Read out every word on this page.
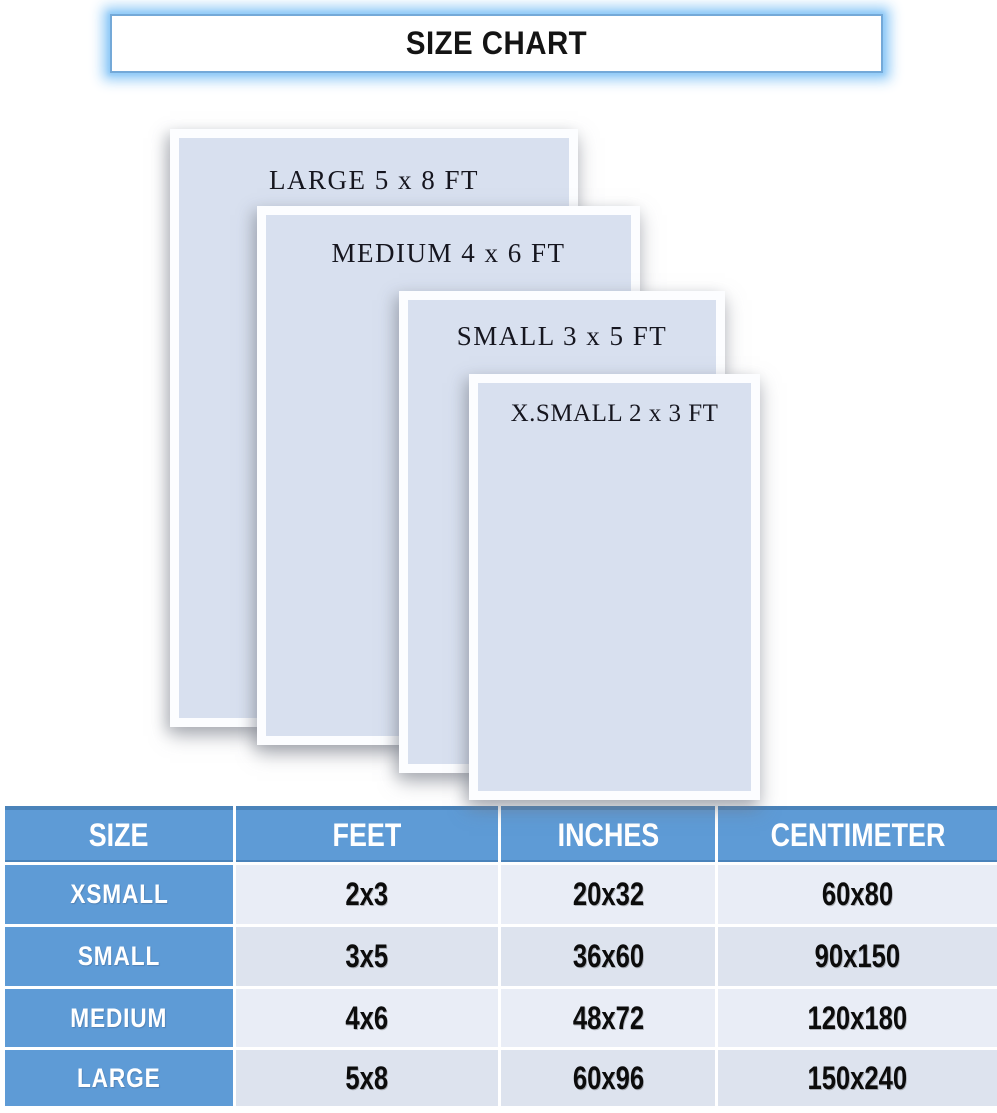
SIZE CHART
LARGE 5 x 8 FT
MEDIUM 4 x 6 FT
SMALL 3 x 5 FT
X.SMALL 2 x 3 FT
SIZE	FEET	INCHES	CENTIMETER
XSMALL	2x3	20x32	60x80
SMALL	3x5	36x60	90x150
MEDIUM	4x6	48x72	120x180
LARGE	5x8	60x96	150x240
